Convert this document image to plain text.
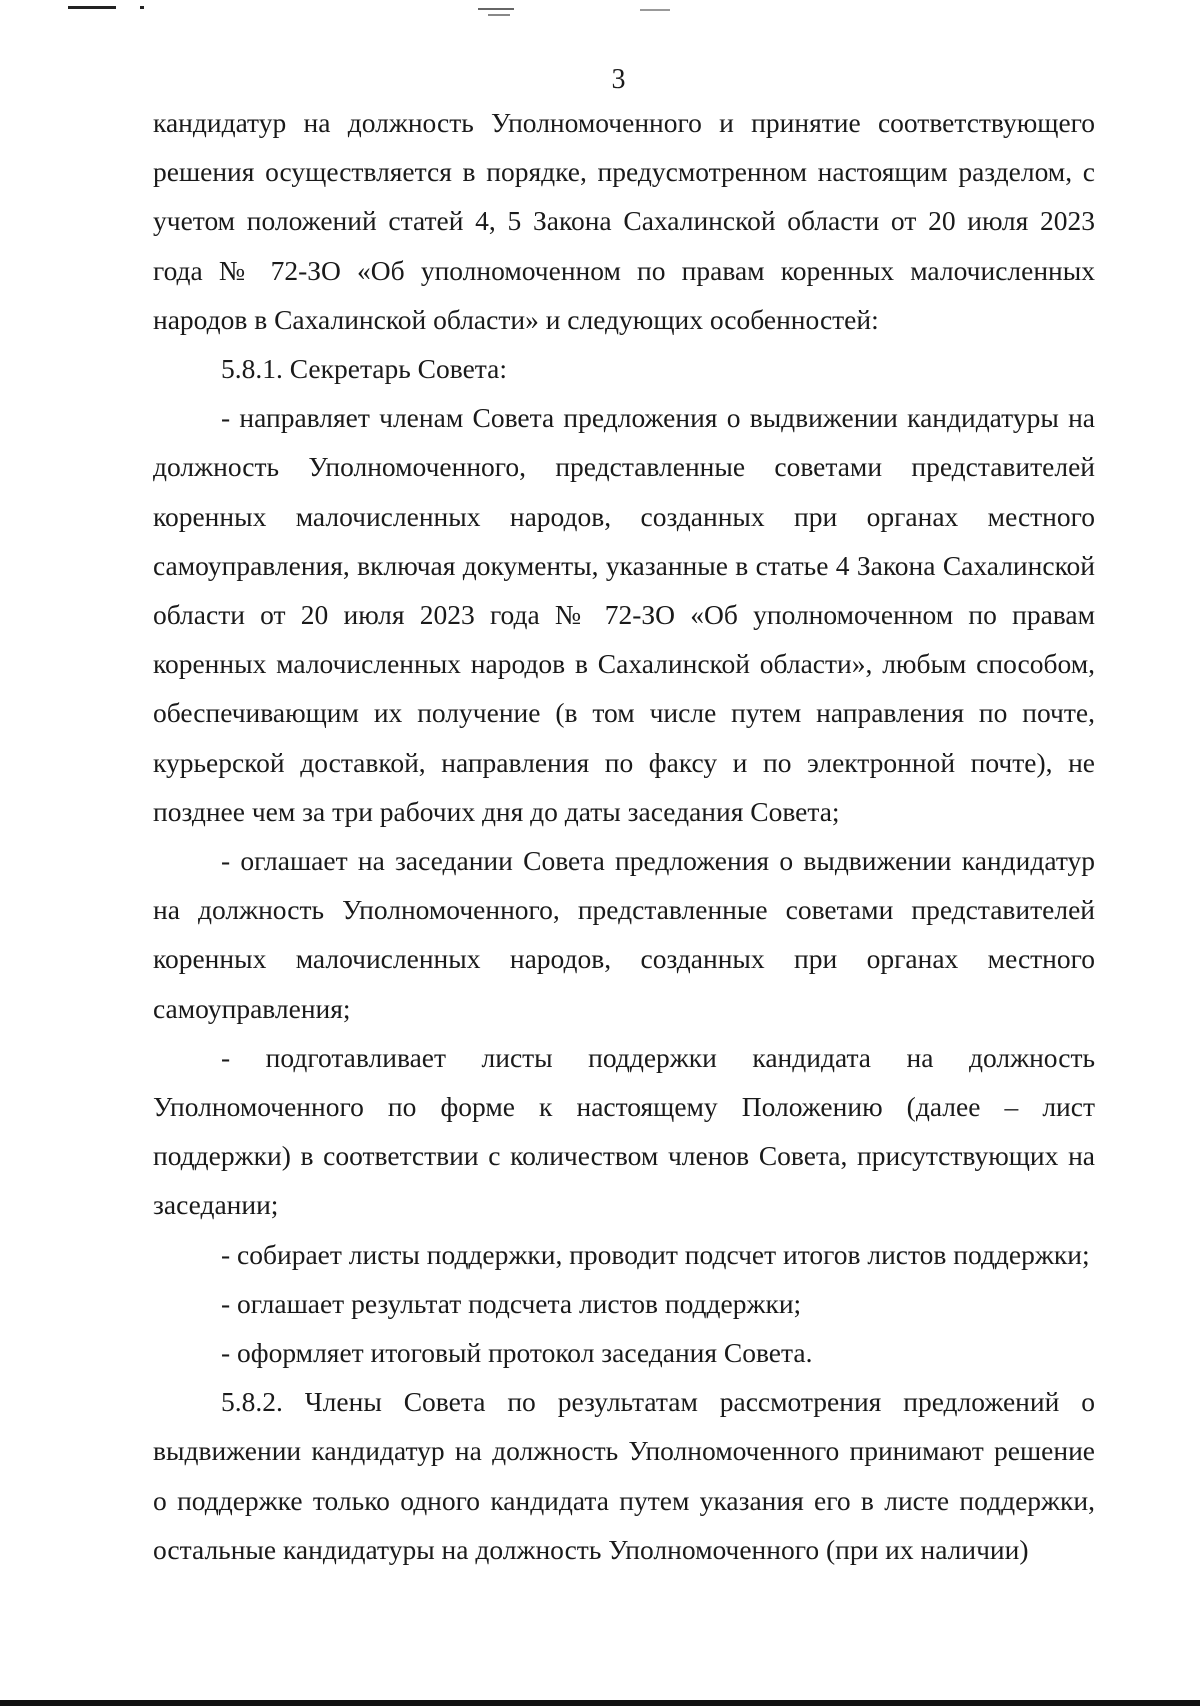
3

кандидатур на должность Уполномоченного и принятие соответствующего решения осуществляется в порядке, предусмотренном настоящим разделом, с учетом положений статей 4, 5 Закона Сахалинской области от 20 июля 2023 года № 72-ЗО «Об уполномоченном по правам коренных малочисленных народов в Сахалинской области» и следующих особенностей:

5.8.1. Секретарь Совета:

- направляет членам Совета предложения о выдвижении кандидатуры на должность Уполномоченного, представленные советами представителей коренных малочисленных народов, созданных при органах местного самоуправления, включая документы, указанные в статье 4 Закона Сахалинской области от 20 июля 2023 года № 72-ЗО «Об уполномоченном по правам коренных малочисленных народов в Сахалинской области», любым способом, обеспечивающим их получение (в том числе путем направления по почте, курьерской доставкой, направления по факсу и по электронной почте), не позднее чем за три рабочих дня до даты заседания Совета;

- оглашает на заседании Совета предложения о выдвижении кандидатур на должность Уполномоченного, представленные советами представителей коренных малочисленных народов, созданных при органах местного самоуправления;

- подготавливает листы поддержки кандидата на должность Уполномоченного по форме к настоящему Положению (далее – лист поддержки) в соответствии с количеством членов Совета, присутствующих на заседании;

- собирает листы поддержки, проводит подсчет итогов листов поддержки;

- оглашает результат подсчета листов поддержки;

- оформляет итоговый протокол заседания Совета.

5.8.2. Члены Совета по результатам рассмотрения предложений о выдвижении кандидатур на должность Уполномоченного принимают решение о поддержке только одного кандидата путем указания его в листе поддержки, остальные кандидатуры на должность Уполномоченного (при их наличии)
